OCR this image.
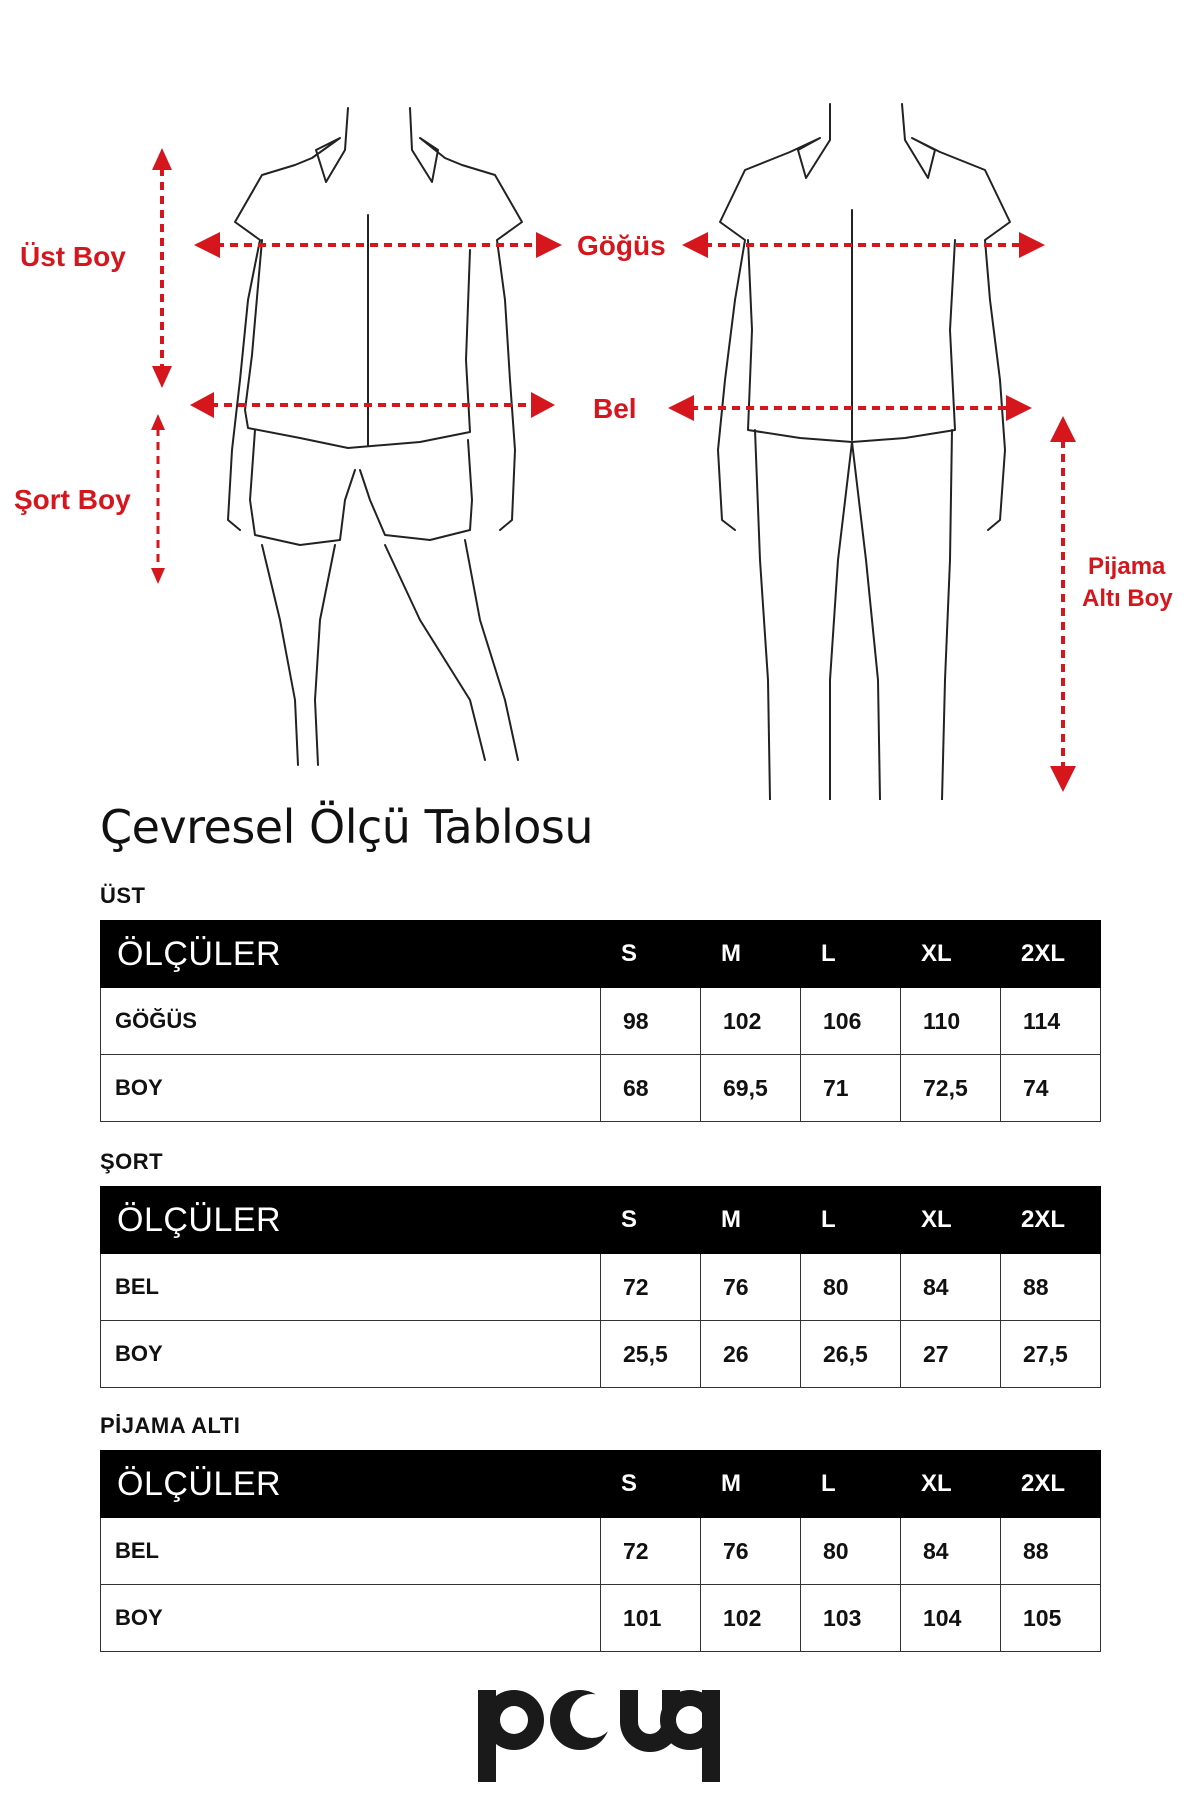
Üst Boy
Şort Boy
Göğüs
Bel
Pijama
Altı Boy
Çevresel Ölçü Tablosu
ÜST
ÖLÇÜLER	S	M	L	XL	2XL
GÖĞÜS	98	102	106	110	114
BOY	68	69,5	71	72,5	74
ŞORT
ÖLÇÜLER	S	M	L	XL	2XL
BEL	72	76	80	84	88
BOY	25,5	26	26,5	27	27,5
PİJAMA ALTI
ÖLÇÜLER	S	M	L	XL	2XL
BEL	72	76	80	84	88
BOY	101	102	103	104	105
